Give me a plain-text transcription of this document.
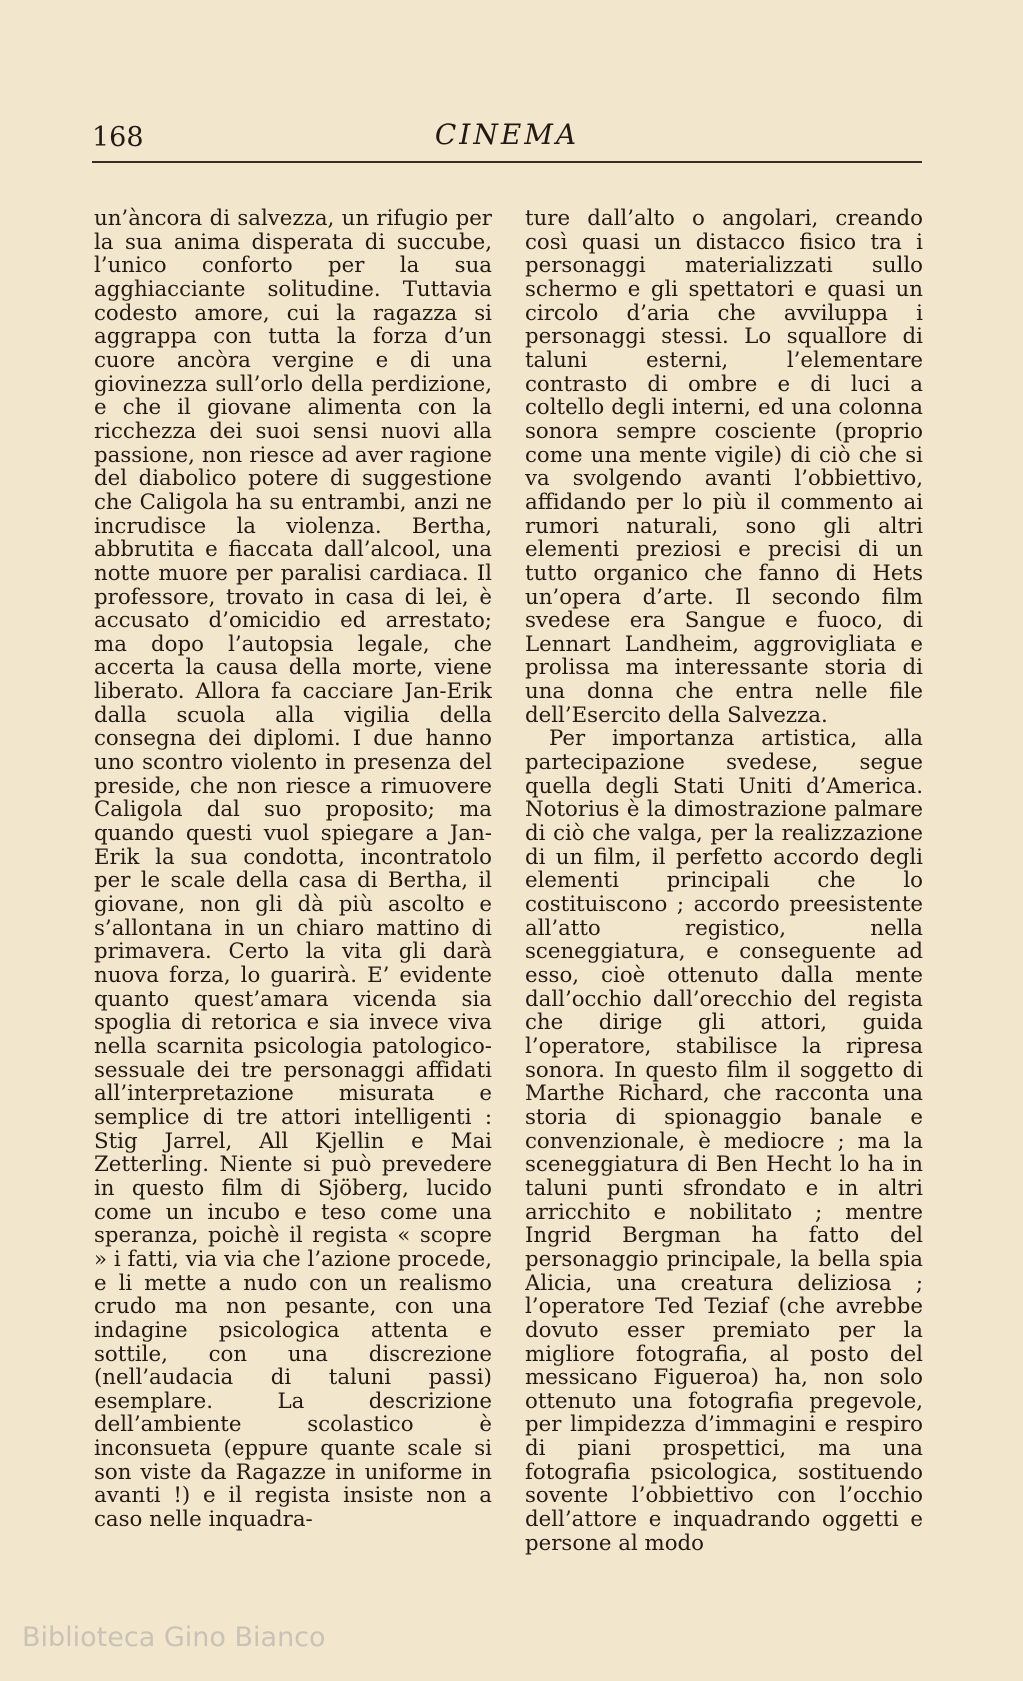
168	CINEMA

un’àncora di salvezza, un rifugio per la sua anima disperata di succube, l’unico conforto per la sua agghiacciante solitudine. Tuttavia codesto amore, cui la ragazza si aggrappa con tutta la forza d’un cuore ancòra vergine e di una giovinezza sull’orlo della perdizione, e che il giovane alimenta con la ricchezza dei suoi sensi nuovi alla passione, non riesce ad aver ragione del diabolico potere di suggestione che Caligola ha su entrambi, anzi ne incrudisce la violenza. Bertha, abbrutita e fiaccata dall’alcool, una notte muore per paralisi cardiaca. Il professore, trovato in casa di lei, è accusato d’omicidio ed arrestato; ma dopo l’autopsia legale, che accerta la causa della morte, viene liberato. Allora fa cacciare Jan-Erik dalla scuola alla vigilia della consegna dei diplomi. I due hanno uno scontro violento in presenza del preside, che non riesce a rimuovere Caligola dal suo proposito; ma quando questi vuol spiegare a Jan-Erik la sua condotta, incontratolo per le scale della casa di Bertha, il giovane, non gli dà più ascolto e s’allontana in un chiaro mattino di primavera. Certo la vita gli darà nuova forza, lo guarirà. E’ evidente quanto quest’amara vicenda sia spoglia di retorica e sia invece viva nella scarnita psicologia patologico-sessuale dei tre personaggi affidati all’interpretazione misurata e semplice di tre attori intelligenti : Stig Jarrel, All Kjellin e Mai Zetterling. Niente si può prevedere in questo film di Sjöberg, lucido come un incubo e teso come una speranza, poichè il regista « scopre » i fatti, via via che l’azione procede, e li mette a nudo con un realismo crudo ma non pesante, con una indagine psicologica attenta e sottile, con una discrezione (nell’audacia di taluni passi) esemplare. La descrizione dell’ambiente scolastico è inconsueta (eppure quante scale si son viste da Ragazze in uniforme in avanti !) e il regista insiste non a caso nelle inquadra-

ture dall’alto o angolari, creando così quasi un distacco fisico tra i personaggi materializzati sullo schermo e gli spettatori e quasi un circolo d’aria che avviluppa i personaggi stessi. Lo squallore di taluni esterni, l’elementare contrasto di ombre e di luci a coltello degli interni, ed una colonna sonora sempre cosciente (proprio come una mente vigile) di ciò che si va svolgendo avanti l’obbiettivo, affidando per lo più il commento ai rumori naturali, sono gli altri elementi preziosi e precisi di un tutto organico che fanno di Hets un’opera d’arte. Il secondo film svedese era Sangue e fuoco, di Lennart Landheim, aggrovigliata e prolissa ma interessante storia di una donna che entra nelle file dell’Esercito della Salvezza.

Per importanza artistica, alla partecipazione svedese, segue quella degli Stati Uniti d’America. Notorius è la dimostrazione palmare di ciò che valga, per la realizzazione di un film, il perfetto accordo degli elementi principali che lo costituiscono ; accordo preesistente all’atto registico, nella sceneggiatura, e conseguente ad esso, cioè ottenuto dalla mente dall’occhio dall’orecchio del regista che dirige gli attori, guida l’operatore, stabilisce la ripresa sonora. In questo film il soggetto di Marthe Richard, che racconta una storia di spionaggio banale e convenzionale, è mediocre ; ma la sceneggiatura di Ben Hecht lo ha in taluni punti sfrondato e in altri arricchito e nobilitato ; mentre Ingrid Bergman ha fatto del personaggio principale, la bella spia Alicia, una creatura deliziosa ; l’operatore Ted Teziaf (che avrebbe dovuto esser premiato per la migliore fotografia, al posto del messicano Figueroa) ha, non solo ottenuto una fotografia pregevole, per limpidezza d’immagini e respiro di piani prospettici, ma una fotografia psicologica, sostituendo sovente l’obbiettivo con l’occhio dell’attore e inquadrando oggetti e persone al modo

Biblioteca Gino Bianco
